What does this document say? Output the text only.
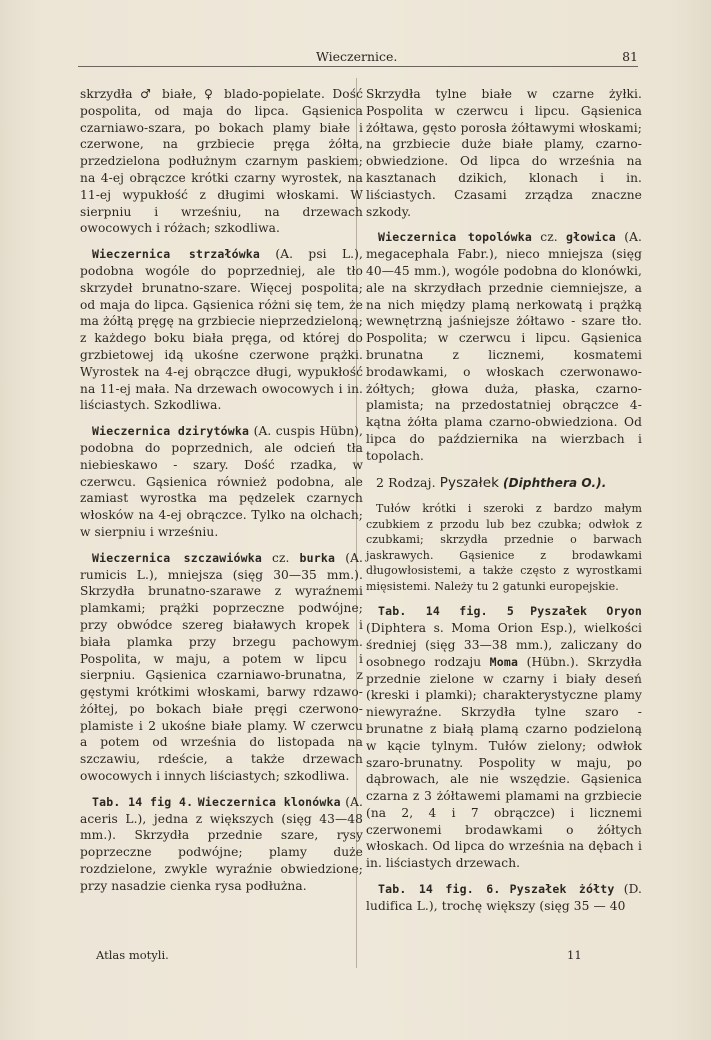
Wieczernice.	81

skrzydła ♂ białe, ♀ blado-popielate. Dość pospolita, od maja do lipca. Gąsienica czarniawo-szara, po bokach plamy białe i czerwone, na grzbiecie pręga żółta, przedzielona podłużnym czarnym paskiem; na 4-ej obrączce krótki czarny wyrostek, na 11-ej wypukłość z długimi włoskami. W sierpniu i wrześniu, na drzewach owocowych i różach; szkodliwa.

Wieczernica strzałówka (A. psi L.), podobna wogóle do poprzedniej, ale tło skrzydeł brunatno-szare. Więcej pospolita; od maja do lipca. Gąsienica różni się tem, że ma żółtą pręgę na grzbiecie nieprzedzieloną; z każdego boku biała pręga, od której do grzbietowej idą ukośne czerwone prążki. Wyrostek na 4-ej obrączce długi, wypukłość na 11-ej mała. Na drzewach owocowych i in. liściastych. Szkodliwa.

Wieczernica dzirytówka (A. cuspis Hübn), podobna do poprzednich, ale odcień tła niebieskawo - szary. Dość rzadka, w czerwcu. Gąsienica również podobna, ale zamiast wyrostka ma pędzelek czarnych włosków na 4-ej obrączce. Tylko na olchach; w sierpniu i wrześniu.

Wieczernica szczawiówka cz. burka (A. rumicis L.), mniejsza (sięg 30—35 mm.). Skrzydła brunatno-szarawe z wyraźnemi plamkami; prążki poprzeczne podwójne; przy obwódce szereg białawych kropek i biała plamka przy brzegu pachowym. Pospolita, w maju, a potem w lipcu i sierpniu. Gąsienica czarniawo-brunatna, z gęstymi krótkimi włoskami, barwy rdzawo-żółtej, po bokach białe pręgi czerwono-plamiste i 2 ukośne białe plamy. W czerwcu a potem od września do listopada na szczawiu, rdeście, a także drzewach owocowych i innych liściastych; szkodliwa.

Tab. 14 fig 4. Wieczernica klonówka (A. aceris L.), jedna z większych (sięg 43—48 mm.). Skrzydła przednie szare, rysy poprzeczne podwójne; plamy duże rozdzielone, zwykle wyraźnie obwiedzione; przy nasadzie cienka rysa podłużna.

Skrzydła tylne białe w czarne żyłki. Pospolita w czerwcu i lipcu. Gąsienica żółtawa, gęsto porosła żółtawymi włoskami; na grzbiecie duże białe plamy, czarno-obwiedzione. Od lipca do września na kasztanach dzikich, klonach i in. liściastych. Czasami zrządza znaczne szkody.

Wieczernica topolówka cz. głowica (A. megacephala Fabr.), nieco mniejsza (sięg 40—45 mm.), wogóle podobna do klonówki, ale na skrzydłach przednie ciemniejsze, a na nich między plamą nerkowatą i prążką wewnętrzną jaśniejsze żółtawo - szare tło. Pospolita; w czerwcu i lipcu. Gąsienica brunatna z licznemi, kosmatemi brodawkami, o włoskach czerwonawo-żółtych; głowa duża, płaska, czarno-plamista; na przedostatniej obrączce 4-kątna żółta plama czarno-obwiedziona. Od lipca do października na wierzbach i topolach.

2 Rodzaj. Pyszałek (Diphthera O.).

Tułów krótki i szeroki z bardzo małym czubkiem z przodu lub bez czubka; odwłok z czubkami; skrzydła przednie o barwach jaskrawych. Gąsienice z brodawkami długowłosistemi, a także często z wyrostkami mięsistemi. Należy tu 2 gatunki europejskie.

Tab. 14 fig. 5 Pyszałek Oryon (Diphtera s. Moma Orion Esp.), wielkości średniej (sięg 33—38 mm.), zaliczany do osobnego rodzaju Moma (Hübn.). Skrzydła przednie zielone w czarny i biały deseń (kreski i plamki); charakterystyczne plamy niewyraźne. Skrzydła tylne szaro - brunatne z białą plamą czarno podzieloną w kącie tylnym. Tułów zielony; odwłok szaro-brunatny. Pospolity w maju, po dąbrowach, ale nie wszędzie. Gąsienica czarna z 3 żółtawemi plamami na grzbiecie (na 2, 4 i 7 obrączce) i licznemi czerwonemi brodawkami o żółtych włoskach. Od lipca do września na dębach i in. liściastych drzewach.

Tab. 14 fig. 6. Pyszałek żółty (D. ludifica L.), trochę większy (sięg 35 — 40

Atlas motyli.	11
